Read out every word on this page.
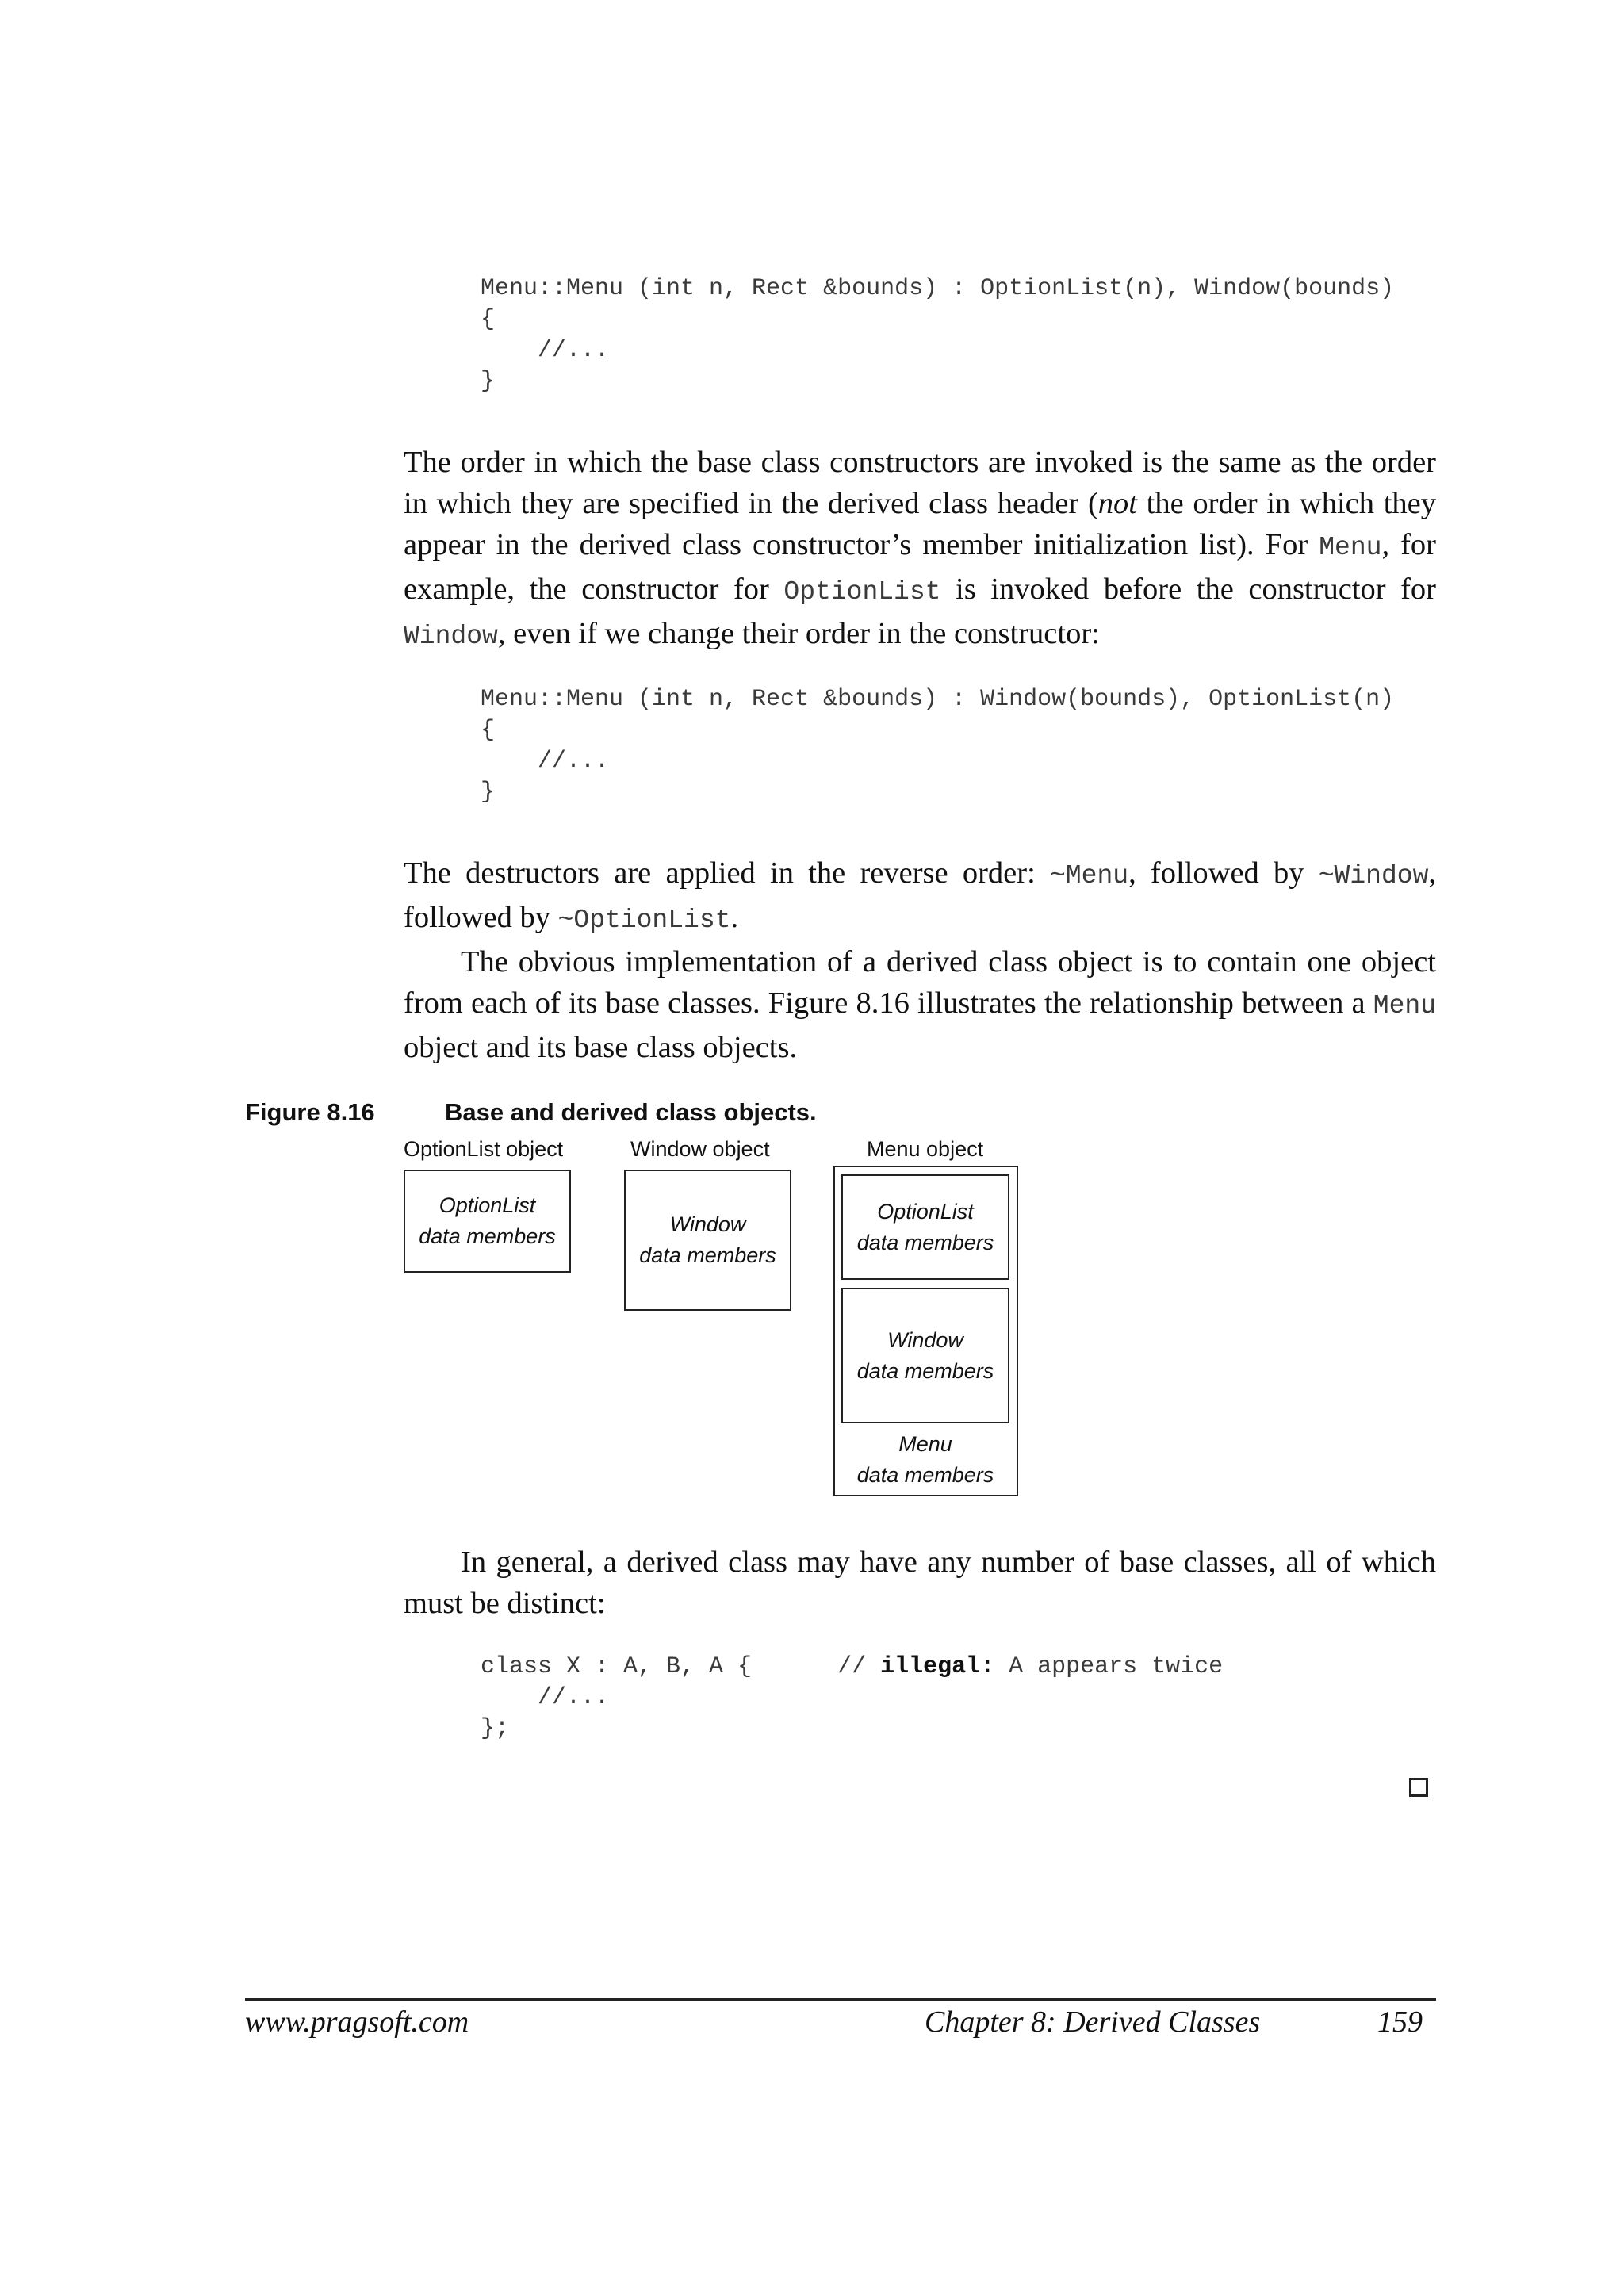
Menu::Menu (int n, Rect &bounds) : OptionList(n), Window(bounds)
{
//...
}

The order in which the base class constructors are invoked is the same as the order in which they are specified in the derived class header (not the order in which they appear in the derived class constructor’s member initialization list). For Menu, for example, the constructor for OptionList is invoked before the constructor for Window, even if we change their order in the constructor:

Menu::Menu (int n, Rect &bounds) : Window(bounds), OptionList(n)
{
//...
}

The destructors are applied in the reverse order: ~Menu, followed by ~Window, followed by ~OptionList.

The obvious implementation of a derived class object is to contain one object from each of its base classes. Figure 8.16 illustrates the relationship between a Menu object and its base class objects.

Figure 8.16	Base and derived class objects.
OptionList object	Window object	Menu object
OptionList
data members	Window
data members
OptionList
data members
Window
data members
Menu
data members

In general, a derived class may have any number of base classes, all of which must be distinct:

class X : A, B, A {      // illegal: A appears twice
//...
};
www.pragsoft.com	Chapter 8: Derived Classes	159
